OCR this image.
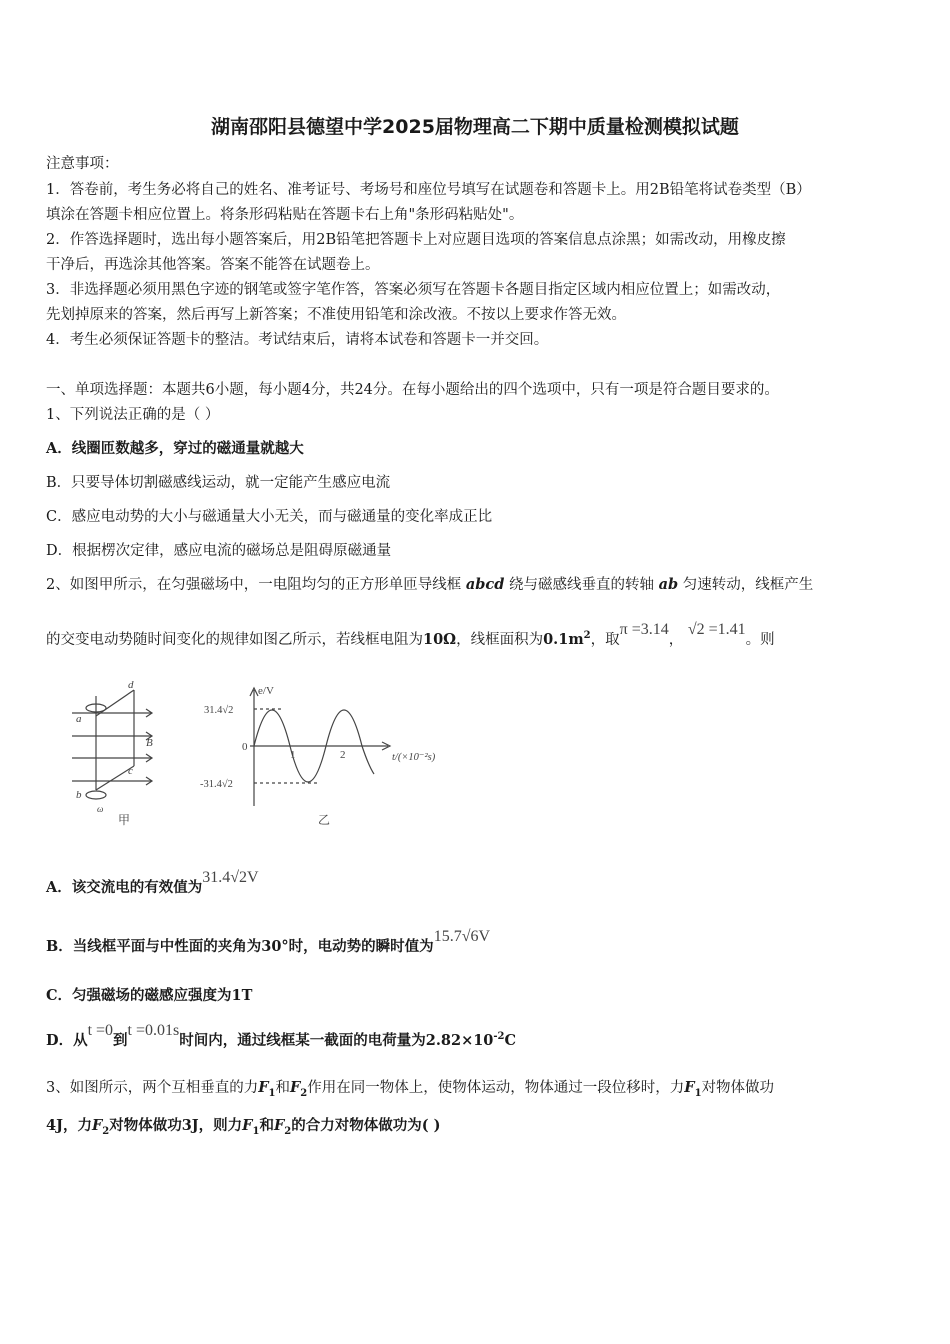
湖南邵阳县德望中学2025届物理高二下期中质量检测模拟试题
注意事项：
1．答卷前，考生务必将自己的姓名、准考证号、考场号和座位号填写在试题卷和答题卡上。用2B铅笔将试卷类型（B）
填涂在答题卡相应位置上。将条形码粘贴在答题卡右上角"条形码粘贴处"。
2．作答选择题时，选出每小题答案后，用2B铅笔把答题卡上对应题目选项的答案信息点涂黑；如需改动，用橡皮擦
干净后，再选涂其他答案。答案不能答在试题卷上。
3．非选择题必须用黑色字迹的钢笔或签字笔作答，答案必须写在答题卡各题目指定区域内相应位置上；如需改动，
先划掉原来的答案，然后再写上新答案；不准使用铅笔和涂改液。不按以上要求作答无效。
4．考生必须保证答题卡的整洁。考试结束后，请将本试卷和答题卡一并交回。
一、单项选择题：本题共6小题，每小题4分，共24分。在每小题给出的四个选项中，只有一项是符合题目要求的。
1、下列说法正确的是（ ）
A．线圈匝数越多，穿过的磁通量就越大
B．只要导体切割磁感线运动，就一定能产生感应电流
C．感应电动势的大小与磁通量大小无关，而与磁通量的变化率成正比
D．根据楞次定律，感应电流的磁场总是阻碍原磁通量
2、如图甲所示，在匀强磁场中，一电阻均匀的正方形单匝导线框 abcd 绕与磁感线垂直的转轴 ab 匀速转动，线框产生
的交变电动势随时间变化的规律如图乙所示，若线框电阻为10Ω，线框面积为$0.1m^2$，取π =3.14， √2 =1.41。则
d
a
c
b
B
ω
甲
e/V
31.4√2
0
-31.4√2
1	2	t/(×10⁻²s)
乙
A．该交流电的有效值为31.4√2V
B．当线框平面与中性面的夹角为30°时，电动势的瞬时值为15.7√6V
C．匀强磁场的磁感应强度为1T
D．从t =0到t =0.01s时间内，通过线框某一截面的电荷量为$2.82\times 10^{-2}C$
3、如图所示，两个互相垂直的力$F_1$和$F_2$作用在同一物体上，使物体运动，物体通过一段位移时，力$F_1$对物体做功
4J，力$F_2$对物体做功3J，则力$F_1$和$F_2$的合力对物体做功为( )
